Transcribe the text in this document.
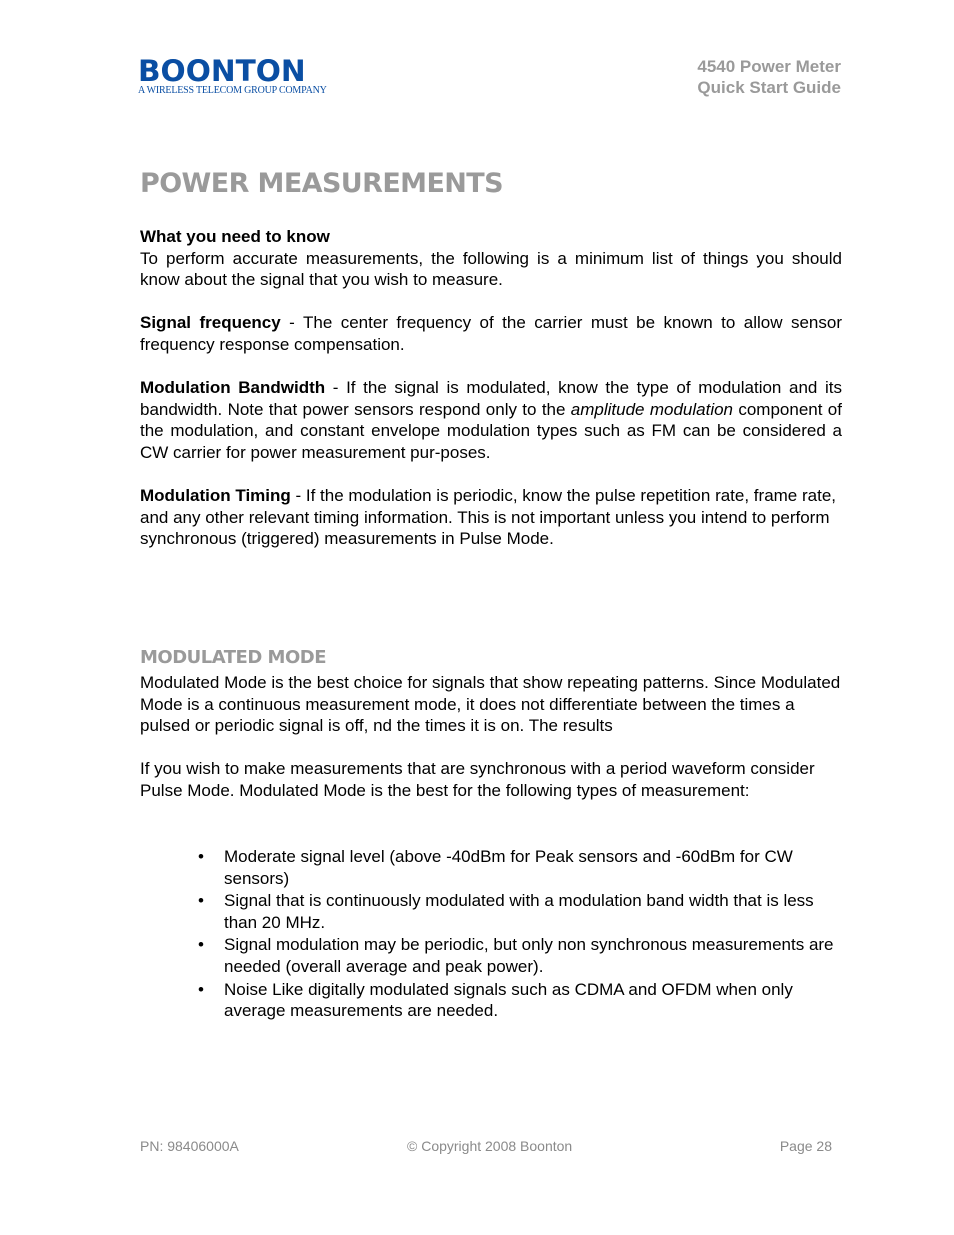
BOONTON
A WIRELESS TELECOM GROUP COMPANY
4540 Power Meter
Quick Start Guide
POWER MEASUREMENTS

What you need to know

To perform accurate measurements, the following is a minimum list of things you should know about the signal that you wish to measure.

Signal frequency - The center frequency of the carrier must be known to allow sensor frequency response compensation.

Modulation Bandwidth - If the signal is modulated, know the type of modulation and its bandwidth. Note that power sensors respond only to the amplitude modulation component of the modulation, and constant envelope modulation types such as FM can be considered a CW carrier for power measurement pur-poses.

Modulation Timing - If the modulation is periodic, know the pulse repetition rate, frame rate, and any other relevant timing information. This is not important unless you intend to perform synchronous (triggered) measurements in Pulse Mode.

MODULATED MODE

Modulated Mode is the best choice for signals that show repeating patterns. Since Modulated Mode is a continuous measurement mode, it does not differentiate between the times a pulsed or periodic signal is off, nd the times it is on. The results

If you wish to make measurements that are synchronous with a period waveform consider Pulse Mode. Modulated Mode is the best for the following types of measurement:

• Moderate signal level (above -40dBm for Peak sensors and -60dBm for CW sensors)
• Signal that is continuously modulated with a modulation band width that is less than 20 MHz.
• Signal modulation may be periodic, but only non synchronous measurements are needed (overall average and peak power).
• Noise Like digitally modulated signals such as CDMA and OFDM when only average measurements are needed.
PN: 98406000A	© Copyright 2008 Boonton	Page 28
